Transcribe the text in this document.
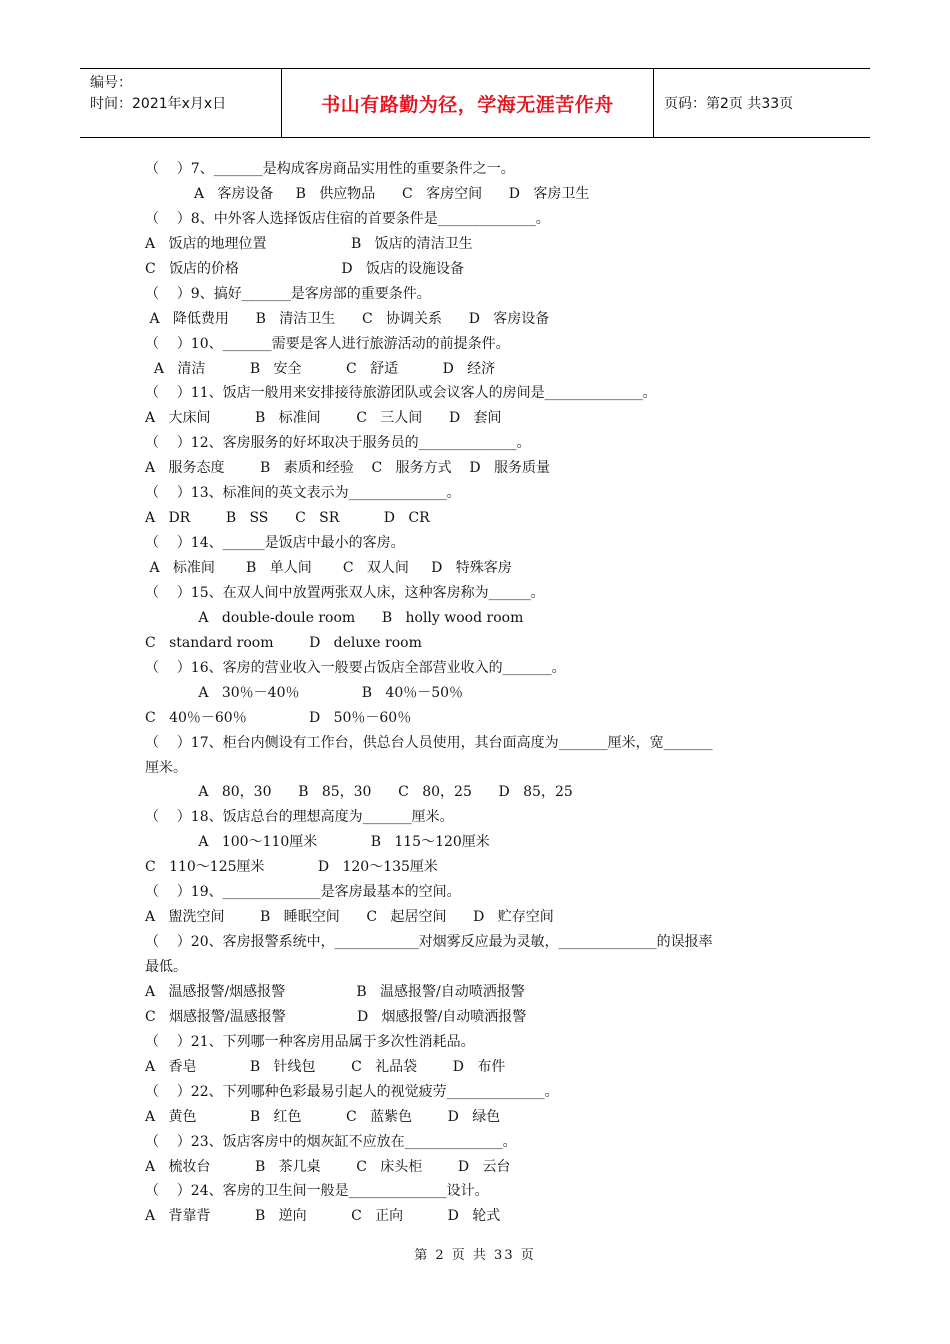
编号：
时间：2021年x月x日	书山有路勤为径，学海无涯苦作舟	页码：第2页 共33页
（    ）7、_______是构成客房商品实用性的重要条件之一。
A   客房设备     B   供应物品      C   客房空间      D   客房卫生
（    ）8、中外客人选择饭店住宿的首要条件是______________。
A   饭店的地理位置                   B   饭店的清洁卫生
C   饭店的价格                       D   饭店的设施设备
（    ）9、搞好_______是客房部的重要条件。
A   降低费用      B   清洁卫生      C   协调关系      D   客房设备
（    ）10、_______需要是客人进行旅游活动的前提条件。
A   清洁          B   安全          C   舒适          D   经济
（    ）11、饭店一般用来安排接待旅游团队或会议客人的房间是______________。
A   大床间          B   标准间        C   三人间      D   套间
（    ）12、客房服务的好坏取决于服务员的______________。
A   服务态度        B   素质和经验    C   服务方式    D   服务质量
（    ）13、标准间的英文表示为______________。
A   DR        B   SS      C   SR          D   CR
（    ）14、______是饭店中最小的客房。
A   标准间       B   单人间       C   双人间     D   特殊客房
（    ）15、在双人间中放置两张双人床，这种客房称为______。
A   double-doule room      B   holly wood room
C   standard room        D   deluxe room
（    ）16、客房的营业收入一般要占饭店全部营业收入的_______。
A   30％－40％              B   40％－50％
C   40％－60％              D   50％－60％
（    ）17、柜台内侧设有工作台，供总台人员使用，其台面高度为_______厘米，宽_______
厘米。
A   80，30      B   85，30      C   80，25      D   85，25
（    ）18、饭店总台的理想高度为_______厘米。
A   100～110厘米            B   115～120厘米
C   110～125厘米            D   120～135厘米
（    ）19、______________是客房最基本的空间。
A   盥洗空间        B   睡眠空间      C   起居空间      D   贮存空间
（    ）20、客房报警系统中，____________对烟雾反应最为灵敏，______________的误报率
最低。
A   温感报警/烟感报警                B   温感报警/自动喷洒报警
C   烟感报警/温感报警                D   烟感报警/自动喷洒报警
（    ）21、下列哪一种客房用品属于多次性消耗品。
A   香皂            B   针线包        C   礼品袋        D   布件
（    ）22、下列哪种色彩最易引起人的视觉疲劳______________。
A   黄色            B   红色          C   蓝紫色        D   绿色
（    ）23、饭店客房中的烟灰缸不应放在______________。
A   梳妆台          B   茶几桌        C   床头柜        D   云台
（    ）24、客房的卫生间一般是______________设计。
A   背靠背          B   逆向          C   正向          D   轮式
第 2 页 共 33 页
